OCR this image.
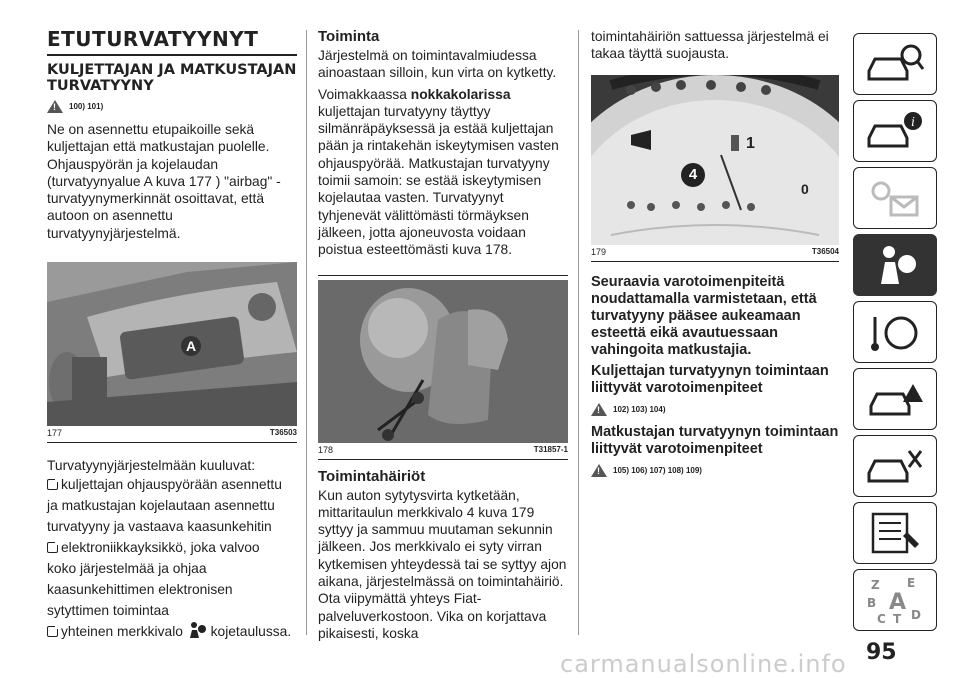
ETUTURVATYYNYT
KULJETTAJAN JA MATKUSTAJAN TURVATYYNY
!
100) 101)

Ne on asennettu etupaikoille sekä kuljettajan että matkustajan puolelle. Ohjauspyörän ja kojelaudan (turvatyynyalue A kuva 177 ) "airbag" -turvatyynymerkinnät osoittavat, että autoon on asennettu turvatyynyjärjestelmä.

A
177	T36503

Turvatyynyjärjestelmään kuuluvat:

kuljettajan ohjauspyörään asennettu
ja matkustajan kojelautaan asennettu
turvatyyny ja vastaava kaasunkehitin

elektroniikkayksikkö, joka valvoo
koko järjestelmää ja ohjaa
kaasunkehittimen elektronisen
sytyttimen toimintaa

yhteinen merkkivalo kojetaulussa.

Toiminta

Järjestelmä on toimintavalmiudessa ainoastaan silloin, kun virta on kytketty.

Voimakkaassa nokkakolarissa kuljettajan turvatyyny täyttyy silmänräpäyksessä ja estää kuljettajan pään ja rintakehän iskeytymisen vasten ohjauspyörää. Matkustajan turvatyyny toimii samoin: se estää iskeytymisen kojelautaa vasten. Turvatyynyt tyhjenevät välittömästi törmäyksen jälkeen, jotta ajoneuvosta voidaan poistua esteettömästi kuva 178.

178	T31857-1
Toimintahäiriöt

Kun auton sytytysvirta kytketään, mittaritaulun merkkivalo 4 kuva 179 syttyy ja sammuu muutaman sekunnin jälkeen. Jos merkkivalo ei syty virran kytkemisen yhteydessä tai se syttyy ajon aikana, järjestelmässä on toimintahäiriö. Ota viipymättä yhteys Fiat-palveluverkostoon. Vika on korjattava pikaisesti, koska

toimintahäiriön sattuessa järjestelmä ei takaa täyttä suojausta.

1
0
4
179	T36504
Seuraavia varotoimenpiteitä noudattamalla varmistetaan, että turvatyyny pääsee aukeamaan esteettä eikä avautuessaan vahingoita matkustajia.
Kuljettajan turvatyynyn toimintaan liittyvät varotoimenpiteet
!
102) 103) 104)
Matkustajan turvatyynyn toimintaan liittyvät varotoimenpiteet
!
105) 106) 107) 108) 109)
i
Z E
B A
C T D
95
carmanualsonline.info
